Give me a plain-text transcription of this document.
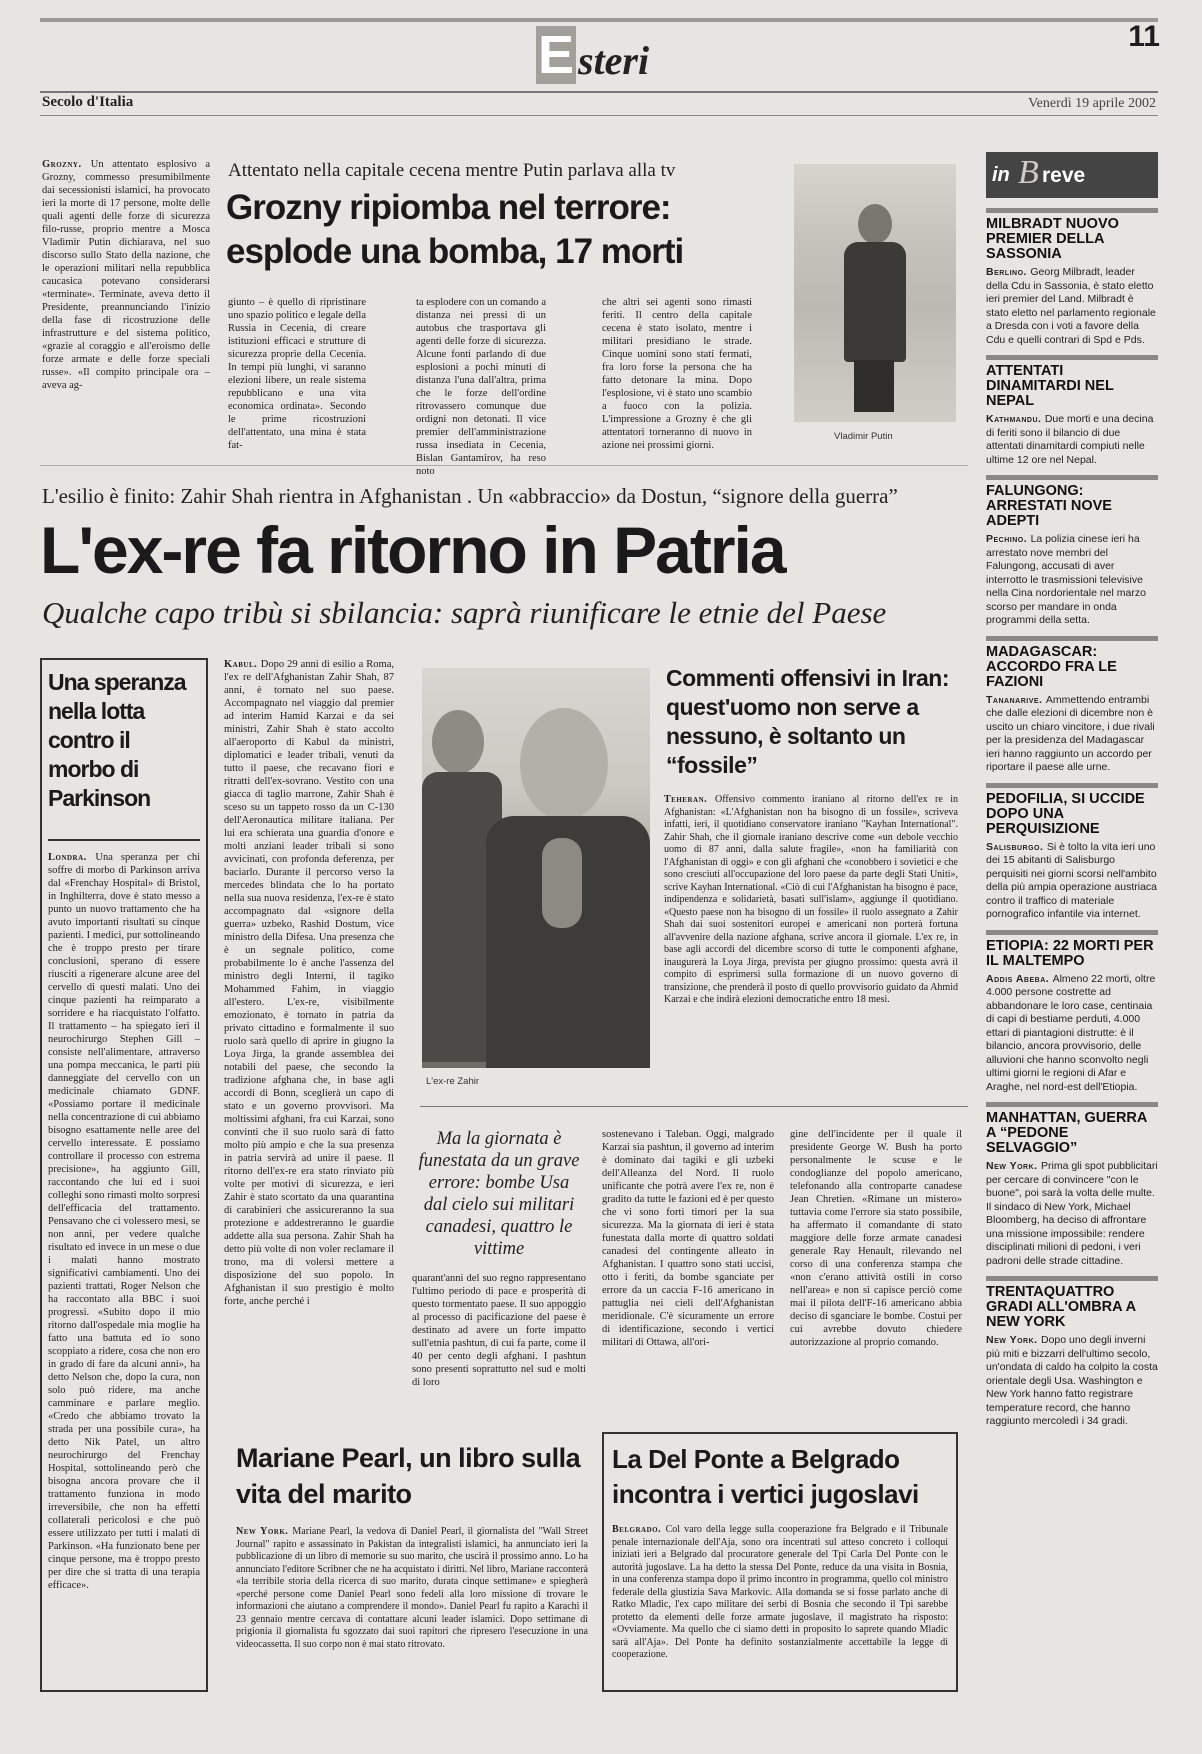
E steri
11
Secolo d'Italia	Venerdì 19 aprile 2002

Grozny. Un attentato esplosivo a Grozny, commesso presumibilmente dai secessionisti islamici, ha provocato ieri la morte di 17 persone, molte delle quali agenti delle forze di sicurezza filo-russe, proprio mentre a Mosca Vladimir Putin dichiarava, nel suo discorso sullo Stato della nazione, che le operazioni militari nella repubblica caucasica potevano considerarsi «terminate». Terminate, aveva detto il Presidente, preannunciando l'inizio della fase di ricostruzione delle infrastrutture e del sistema politico, «grazie al coraggio e all'eroismo delle forze armate e delle forze speciali russe». «Il compito principale ora – aveva ag-

Attentato nella capitale cecena mentre Putin parlava alla tv
Grozny ripiomba nel terrore:
esplode una bomba, 17 morti

giunto – è quello di ripristinare uno spazio politico e legale della Russia in Cecenia, di creare istituzioni efficaci e strutture di sicurezza proprie della Cecenia. In tempi più lunghi, vi saranno elezioni libere, un reale sistema repubblicano e una vita economica ordinata». Secondo le prime ricostruzioni dell'attentato, una mina è stata fat-

ta esplodere con un comando a distanza nei pressi di un autobus che trasportava gli agenti delle forze di sicurezza. Alcune fonti parlando di due esplosioni a pochi minuti di distanza l'una dall'altra, prima che le forze dell'ordine ritrovassero comunque due ordigni non detonati. Il vice premier dell'amministrazione russa insediata in Cecenia, Bislan Gantamirov, ha reso noto

che altri sei agenti sono rimasti feriti. Il centro della capitale cecena è stato isolato, mentre i militari presidiano le strade. Cinque uomini sono stati fermati, fra loro forse la persona che ha fatto detonare la mina. Dopo l'esplosione, vi è stato uno scambio a fuoco con la polizia. L'impressione a Grozny è che gli attentatori torneranno di nuovo in azione nei prossimi giorni.

Vladimir Putin
in B reve
MILBRADT NUOVO PREMIER DELLA SASSONIA

Berlino. Georg Milbradt, leader della Cdu in Sassonia, è stato eletto ieri premier del Land. Milbradt è stato eletto nel parlamento regionale a Dresda con i voti a favore della Cdu e quelli contrari di Spd e Pds.

ATTENTATI DINAMITARDI NEL NEPAL

Kathmandu. Due morti e una decina di feriti sono il bilancio di due attentati dinamitardi compiuti nelle ultime 12 ore nel Nepal.

FALUNGONG: ARRESTATI NOVE ADEPTI

Pechino. La polizia cinese ieri ha arrestato nove membri del Falungong, accusati di aver interrotto le trasmissioni televisive nella Cina nordorientale nel marzo scorso per mandare in onda programmi della setta.

MADAGASCAR: ACCORDO FRA LE FAZIONI

Tananarive. Ammettendo entrambi che dalle elezioni di dicembre non è uscito un chiaro vincitore, i due rivali per la presidenza del Madagascar ieri hanno raggiunto un accordo per riportare il paese alle urne.

PEDOFILIA, SI UCCIDE DOPO UNA PERQUISIZIONE

Salisburgo. Si è tolto la vita ieri uno dei 15 abitanti di Salisburgo perquisiti nei giorni scorsi nell'ambito della più ampia operazione austriaca contro il traffico di materiale pornografico infantile via internet.

ETIOPIA: 22 MORTI PER IL MALTEMPO

Addis Abeba. Almeno 22 morti, oltre 4.000 persone costrette ad abbandonare le loro case, centinaia di capi di bestiame perduti, 4.000 ettari di piantagioni distrutte: è il bilancio, ancora provvisorio, delle alluvioni che hanno sconvolto negli ultimi giorni le regioni di Afar e Araghe, nel nord-est dell'Etiopia.

MANHATTAN, GUERRA A “PEDONE SELVAGGIO”

New York. Prima gli spot pubblicitari per cercare di convincere "con le buone", poi sarà la volta delle multe. Il sindaco di New York, Michael Bloomberg, ha deciso di affrontare una missione impossibile: rendere disciplinati milioni di pedoni, i veri padroni delle strade cittadine.

TRENTAQUATTRO GRADI ALL'OMBRA A NEW YORK

New York. Dopo uno degli inverni più miti e bizzarri dell'ultimo secolo, un'ondata di caldo ha colpito la costa orientale degli Usa. Washington e New York hanno fatto registrare temperature record, che hanno raggiunto mercoledì i 34 gradi.

L'esilio è finito: Zahir Shah rientra in Afghanistan . Un «abbraccio» da Dostun, “signore della guerra”
L'ex-re fa ritorno in Patria
Qualche capo tribù si sbilancia: saprà riunificare le etnie del Paese
Una speranza nella lotta contro il morbo di Parkinson

Londra. Una speranza per chi soffre di morbo di Parkinson arriva dal «Frenchay Hospital» di Bristol, in Inghilterra, dove è stato messo a punto un nuovo trattamento che ha avuto importanti risultati su cinque pazienti. I medici, pur sottolineando che è troppo presto per tirare conclusioni, sperano di essere riusciti a rigenerare alcune aree del cervello di questi malati. Uno dei cinque pazienti ha reimparato a sorridere e ha riacquistato l'olfatto. Il trattamento – ha spiegato ieri il neurochirurgo Stephen Gill – consiste nell'alimentare, attraverso una pompa meccanica, le parti più danneggiate del cervello con un medicinale chiamato GDNF. «Possiamo portare il medicinale nella concentrazione di cui abbiamo bisogno esattamente nelle aree del cervello interessate. E possiamo controllare il processo con estrema precisione», ha aggiunto Gill, raccontando che lui ed i suoi colleghi sono rimasti molto sorpresi dell'efficacia del trattamento. Pensavano che ci volessero mesi, se non anni, per vedere qualche risultato ed invece in un mese o due i malati hanno mostrato significativi cambiamenti. Uno dei pazienti trattati, Roger Nelson che ha raccontato alla BBC i suoi progressi. «Subito dopo il mio ritorno dall'ospedale mia moglie ha fatto una battuta ed io sono scoppiato a ridere, cosa che non ero in grado di fare da alcuni anni», ha detto Nelson che, dopo la cura, non solo può ridere, ma anche camminare e parlare meglio. «Credo che abbiamo trovato la strada per una possibile cura», ha detto Nik Patel, un altro neurochirurgo del Frenchay Hospital, sottolineando però che bisogna ancora provare che il trattamento funziona in modo irreversibile, che non ha effetti collaterali pericolosi e che può essere utilizzato per tutti i malati di Parkinson. «Ha funzionato bene per cinque persone, ma è troppo presto per dire che si tratta di una terapia efficace».

Kabul. Dopo 29 anni di esilio a Roma, l'ex re dell'Afghanistan Zahir Shah, 87 anni, è tornato nel suo paese. Accompagnato nel viaggio dal premier ad interim Hamid Karzai e da sei ministri, Zahir Shah è stato accolto all'aeroporto di Kabul da ministri, diplomatici e leader tribali, venuti da tutto il paese, che recavano fiori e ritratti dell'ex-sovrano. Vestito con una giacca di taglio marrone, Zahir Shah è sceso su un tappeto rosso da un C-130 dell'Aeronautica militare italiana. Per lui era schierata una guardia d'onore e molti anziani leader tribali si sono avvicinati, con profonda deferenza, per baciarlo. Durante il percorso verso la mercedes blindata che lo ha portato nella sua nuova residenza, l'ex-re è stato accompagnato dal «signore della guerra» uzbeko, Rashid Dostum, vice ministro della Difesa. Una presenza che è un segnale politico, come probabilmente lo è anche l'assenza del ministro degli Interni, il tagiko Mohammed Fahim, in viaggio all'estero. L'ex-re, visibilmente emozionato, è tornato in patria da privato cittadino e formalmente il suo ruolo sarà quello di aprire in giugno la Loya Jirga, la grande assemblea dei notabili del paese, che secondo la tradizione afghana che, in base agli accordi di Bonn, sceglierà un capo di stato e un governo provvisori. Ma moltissimi afghani, fra cui Karzai, sono convinti che il suo ruolo sarà di fatto molto più ampio e che la sua presenza in patria servirà ad unire il paese. Il ritorno dell'ex-re era stato rinviato più volte per motivi di sicurezza, e ieri Zahir è stato scortato da una quarantina di carabinieri che assicureranno la sua protezione e addestreranno le guardie addette alla sua persona. Zahir Shah ha detto più volte di non voler reclamare il trono, ma di volersi mettere a disposizione del suo popolo. In Afghanistan il suo prestigio è molto forte, anche perché i

L'ex-re Zahir
Commenti offensivi in Iran: quest'uomo non serve a nessuno, è soltanto un “fossile”

Teheran. Offensivo commento iraniano al ritorno dell'ex re in Afghanistan: «L'Afghanistan non ha bisogno di un fossile», scriveva infatti, ieri, il quotidiano conservatore iraniano "Kayhan International". Zahir Shah, che il giornale iraniano descrive come «un debole vecchio uomo di 87 anni, dalla salute fragile», «non ha familiarità con l'Afghanistan di oggi» e con gli afghani che «conobbero i sovietici e che sono cresciuti all'occupazione del loro paese da parte degli Stati Uniti», scrive Kayhan International. «Ciò di cui l'Afghanistan ha bisogno è pace, indipendenza e solidarietà, basati sull'islam», aggiunge il quotidiano. «Questo paese non ha bisogno di un fossile» il ruolo assegnato a Zahir Shah dai suoi sostenitori europei e americani non porterà fortuna all'avvenire della nazione afghana, scrive ancora il giornale. L'ex re, in base agli accordi del dicembre scorso di tutte le componenti afghane, inaugurerà la Loya Jirga, prevista per giugno prossimo: questa avrà il compito di esprimersi sulla formazione di un nuovo governo di transizione, che prenderà il posto di quello provvisorio guidato da Ahmid Karzai e che indirà elezioni democratiche entro 18 mesi.

Ma la giornata è funestata da un grave errore: bombe Usa dal cielo sui militari canadesi, quattro le vittime

quarant'anni del suo regno rappresentano l'ultimo periodo di pace e prosperità di questo tormentato paese. Il suo appoggio al processo di pacificazione del paese è destinato ad avere un forte impatto sull'etnia pashtun, di cui fa parte, come il 40 per cento degli afghani. I pashtun sono presenti soprattutto nel sud e molti di loro

sostenevano i Taleban. Oggi, malgrado Karzai sia pashtun, il governo ad interim è dominato dai tagiki e gli uzbeki dell'Alleanza del Nord. Il ruolo unificante che potrà avere l'ex re, non è gradito da tutte le fazioni ed è per questo che vi sono forti timori per la sua sicurezza. Ma la giornata di ieri è stata funestata dalla morte di quattro soldati canadesi del contingente alleato in Afghanistan. I quattro sono stati uccisi, otto i feriti, da bombe sganciate per errore da un caccia F-16 americano in pattuglia nei cieli dell'Afghanistan meridionale. C'è sicuramente un errore di identificazione, secondo i vertici militari di Ottawa, all'ori-

gine dell'incidente per il quale il presidente George W. Bush ha porto personalmente le scuse e le condoglianze del popolo americano, telefonando alla controparte canadese Jean Chretien. «Rimane un mistero» tuttavia come l'errore sia stato possibile, ha affermato il comandante di stato maggiore delle forze armate canadesi generale Ray Henault, rilevando nel corso di una conferenza stampa che «non c'erano attività ostili in corso nell'area» e non si capisce perciò come mai il pilota dell'F-16 americano abbia deciso di sganciare le bombe. Costui per cui avrebbe dovuto chiedere autorizzazione al proprio comando.

Mariane Pearl, un libro sulla vita del marito

New York. Mariane Pearl, la vedova di Daniel Pearl, il giornalista del "Wall Street Journal" rapito e assassinato in Pakistan da integralisti islamici, ha annunciato ieri la pubblicazione di un libro di memorie su suo marito, che uscirà il prossimo anno. Lo ha annunciato l'editore Scribner che ne ha acquistato i diritti. Nel libro, Mariane racconterà «la terribile storia della ricerca di suo marito, durata cinque settimane» e spiegherà «perché persone come Daniel Pearl sono fedeli alla loro missione di trovare le informazioni che aiutano a comprendere il mondo». Daniel Pearl fu rapito a Karachi il 23 gennaio mentre cercava di contattare alcuni leader islamici. Dopo settimane di prigionia il giornalista fu sgozzato dai suoi rapitori che ripresero l'esecuzione in una videocassetta. Il suo corpo non è mai stato ritrovato.

La Del Ponte a Belgrado incontra i vertici jugoslavi

Belgrado. Col varo della legge sulla cooperazione fra Belgrado e il Tribunale penale internazionale dell'Aja, sono ora incentrati sul atteso concreto i colloqui iniziati ieri a Belgrado dal procuratore generale del Tpi Carla Del Ponte con le autorità jugoslave. La ha detto la stessa Del Ponte, reduce da una visita in Bosnia, in una conferenza stampa dopo il primo incontro in programma, quello col ministro federale della giustizia Sava Markovic. Alla domanda se si fosse parlato anche di Ratko Mladic, l'ex capo militare dei serbi di Bosnia che secondo il Tpi sarebbe protetto da elementi delle forze armate jugoslave, il magistrato ha risposto: «Ovviamente. Ma quello che ci siamo detti in proposito lo saprete quando Mladic sarà all'Aja». Del Ponte ha definito sostanzialmente accettabile la legge di cooperazione.
